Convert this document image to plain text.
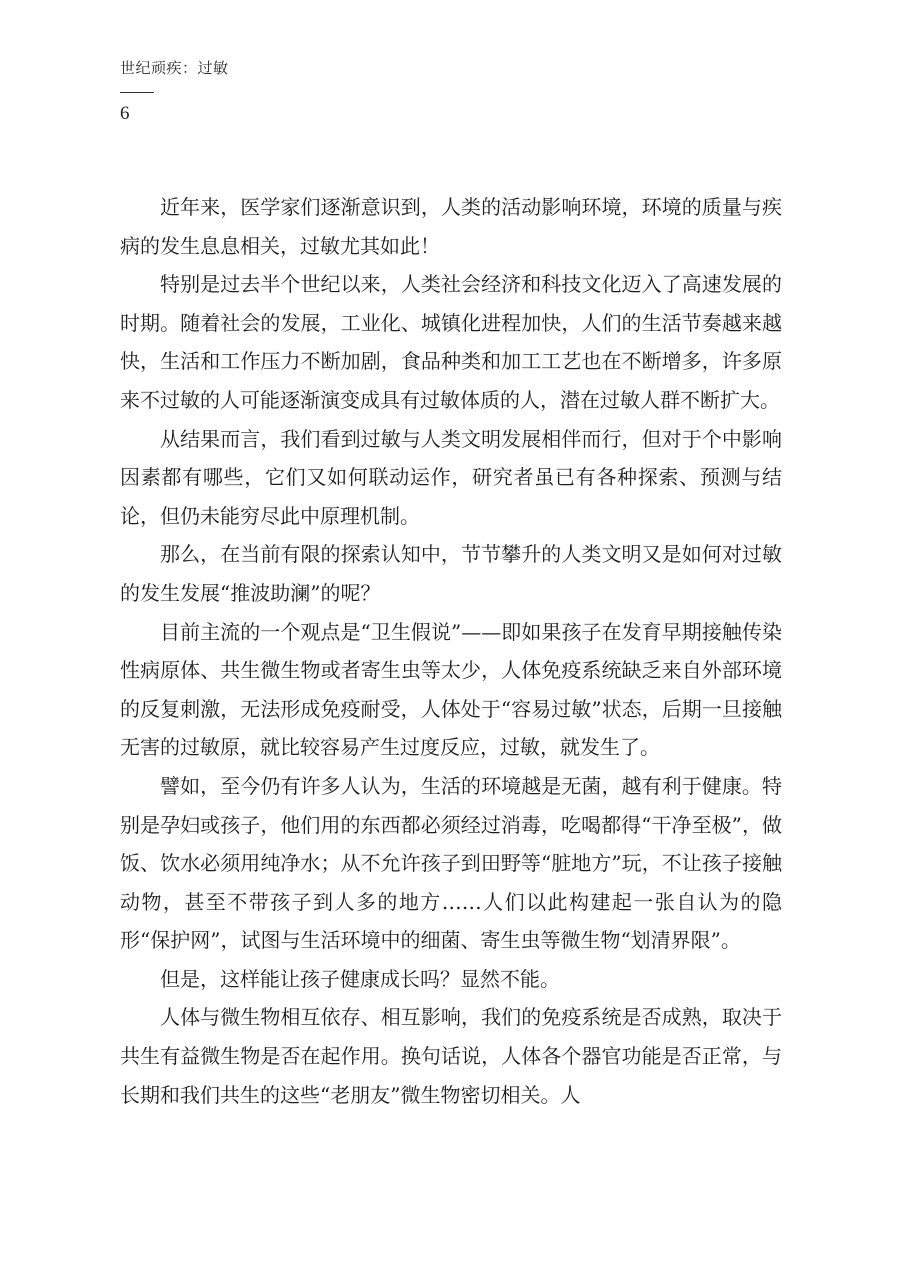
世纪顽疾：过敏
6

近年来，医学家们逐渐意识到，人类的活动影响环境，环境的质量与疾病的发生息息相关，过敏尤其如此！

特别是过去半个世纪以来，人类社会经济和科技文化迈入了高速发展的时期。随着社会的发展，工业化、城镇化进程加快，人们的生活节奏越来越快，生活和工作压力不断加剧，食品种类和加工工艺也在不断增多，许多原来不过敏的人可能逐渐演变成具有过敏体质的人，潜在过敏人群不断扩大。

从结果而言，我们看到过敏与人类文明发展相伴而行，但对于个中影响因素都有哪些，它们又如何联动运作，研究者虽已有各种探索、预测与结论，但仍未能穷尽此中原理机制。

那么，在当前有限的探索认知中，节节攀升的人类文明又是如何对过敏的发生发展“推波助澜”的呢？

目前主流的一个观点是“卫生假说”——即如果孩子在发育早期接触传染性病原体、共生微生物或者寄生虫等太少，人体免疫系统缺乏来自外部环境的反复刺激，无法形成免疫耐受，人体处于“容易过敏”状态，后期一旦接触无害的过敏原，就比较容易产生过度反应，过敏，就发生了。

譬如，至今仍有许多人认为，生活的环境越是无菌，越有利于健康。特别是孕妇或孩子，他们用的东西都必须经过消毒，吃喝都得“干净至极”，做饭、饮水必须用纯净水；从不允许孩子到田野等“脏地方”玩，不让孩子接触动物，甚至不带孩子到人多的地方……人们以此构建起一张自认为的隐形“保护网”，试图与生活环境中的细菌、寄生虫等微生物“划清界限”。

但是，这样能让孩子健康成长吗？显然不能。

人体与微生物相互依存、相互影响，我们的免疫系统是否成熟，取决于共生有益微生物是否在起作用。换句话说，人体各个器官功能是否正常，与长期和我们共生的这些“老朋友”微生物密切相关。人
